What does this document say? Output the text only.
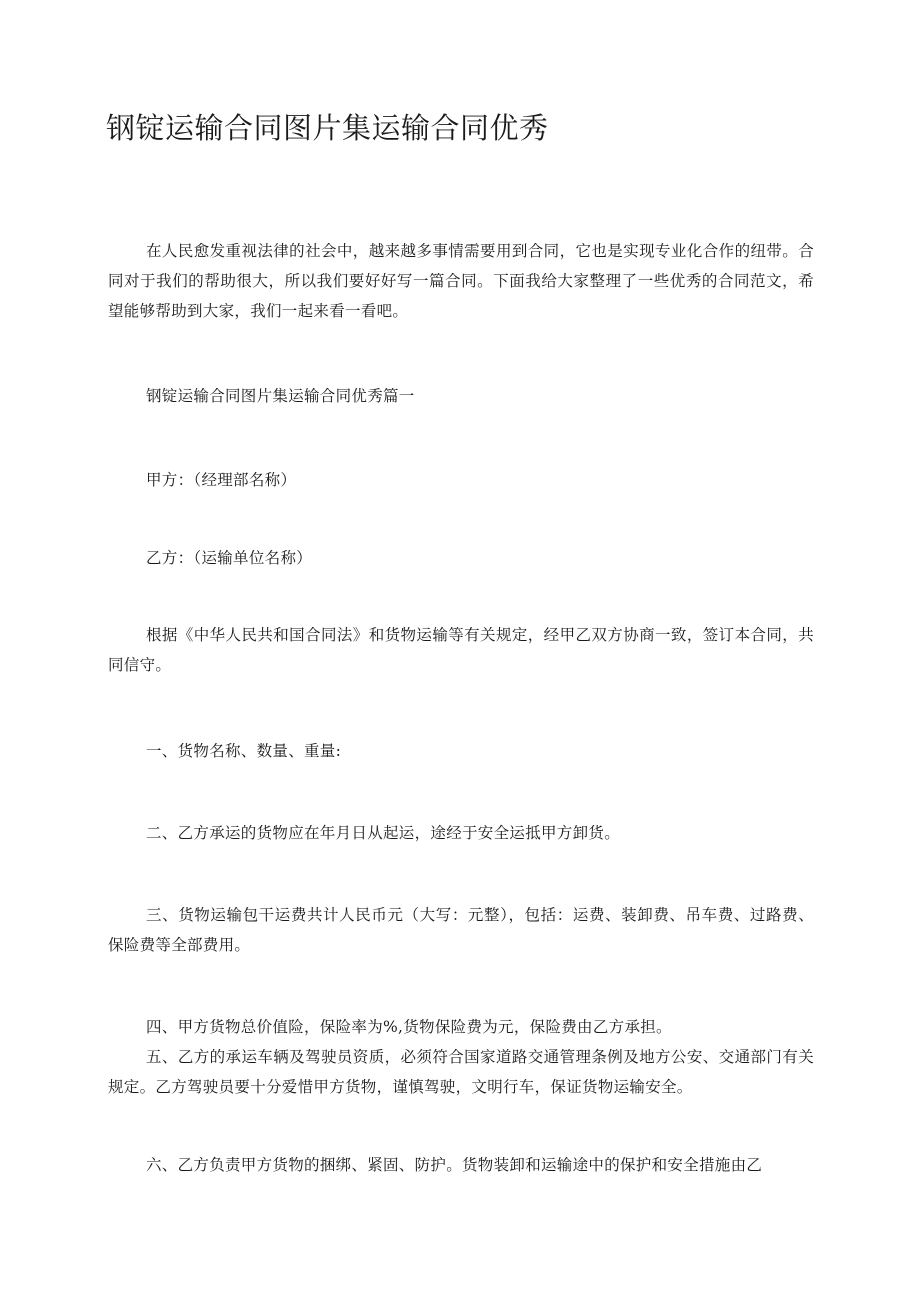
钢锭运输合同图片集运输合同优秀

在人民愈发重视法律的社会中，越来越多事情需要用到合同，它也是实现专业化合作的纽带。合同对于我们的帮助很大，所以我们要好好写一篇合同。下面我给大家整理了一些优秀的合同范文，希望能够帮助到大家，我们一起来看一看吧。

钢锭运输合同图片集运输合同优秀篇一

甲方：（经理部名称）

乙方：（运输单位名称）

根据《中华人民共和国合同法》和货物运输等有关规定，经甲乙双方协商一致，签订本合同，共同信守。

一、货物名称、数量、重量:

二、乙方承运的货物应在年月日从起运，途经于安全运抵甲方卸货。

三、货物运输包干运费共计人民币元（大写：元整），包括：运费、装卸费、吊车费、过路费、保险费等全部费用。

四、甲方货物总价值险，保险率为%,货物保险费为元，保险费由乙方承担。

五、乙方的承运车辆及驾驶员资质，必须符合国家道路交通管理条例及地方公安、交通部门有关规定。乙方驾驶员要十分爱惜甲方货物，谨慎驾驶，文明行车，保证货物运输安全。

六、乙方负责甲方货物的捆绑、紧固、防护。货物装卸和运输途中的保护和安全措施由乙
